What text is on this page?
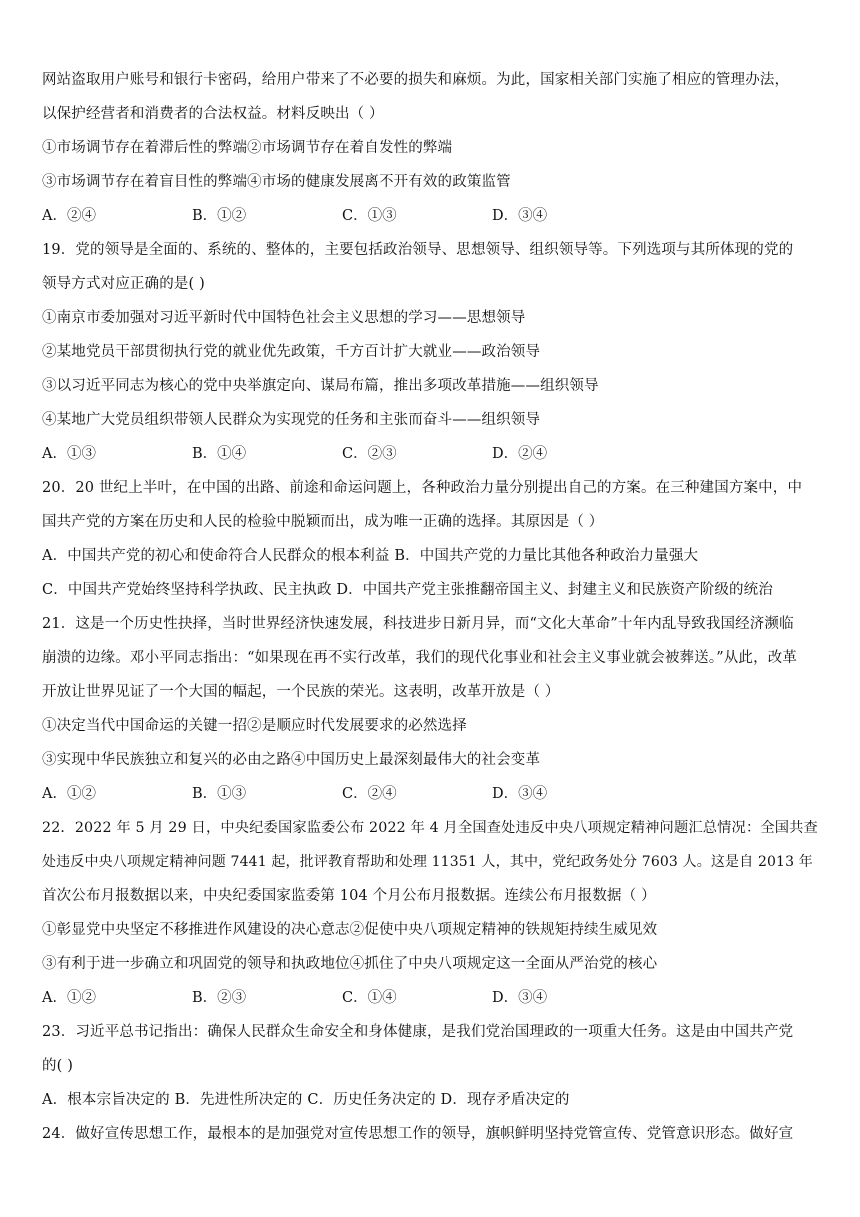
网站盗取用户账号和银行卡密码，给用户带来了不必要的损失和麻烦。为此，国家相关部门实施了相应的管理办法，
以保护经营者和消费者的合法权益。材料反映出（ ）
①市场调节存在着滞后性的弊端②市场调节存在着自发性的弊端
③市场调节存在着盲目性的弊端④市场的健康发展离不开有效的政策监管
A．②④	B．①②	C．①③	D．③④
19．党的领导是全面的、系统的、整体的，主要包括政治领导、思想领导、组织领导等。下列选项与其所体现的党的
领导方式对应正确的是( )
①南京市委加强对习近平新时代中国特色社会主义思想的学习——思想领导
②某地党员干部贯彻执行党的就业优先政策，千方百计扩大就业——政治领导
③以习近平同志为核心的党中央举旗定向、谋局布篇，推出多项改革措施——组织领导
④某地广大党员组织带领人民群众为实现党的任务和主张而奋斗——组织领导
A．①③	B．①④	C．②③	D．②④
20．20 世纪上半叶，在中国的出路、前途和命运问题上，各种政治力量分别提出自己的方案。在三种建国方案中，中
国共产党的方案在历史和人民的检验中脱颖而出，成为唯一正确的选择。其原因是（ ）
A．中国共产党的初心和使命符合人民群众的根本利益 B．中国共产党的力量比其他各种政治力量强大
C．中国共产党始终坚持科学执政、民主执政 D．中国共产党主张推翻帝国主义、封建主义和民族资产阶级的统治
21．这是一个历史性抉择，当时世界经济快速发展，科技进步日新月异，而“文化大革命”十年内乱导致我国经济濒临
崩溃的边缘。邓小平同志指出：“如果现在再不实行改革，我们的现代化事业和社会主义事业就会被葬送。”从此，改革
开放让世界见证了一个大国的幅起，一个民族的荣光。这表明，改革开放是（ ）
①决定当代中国命运的关键一招②是顺应时代发展要求的必然选择
③实现中华民族独立和复兴的必由之路④中国历史上最深刻最伟大的社会变革
A．①②	B．①③	C．②④	D．③④
22．2022 年 5 月 29 日，中央纪委国家监委公布 2022 年 4 月全国查处违反中央八项规定精神问题汇总情况：全国共查
处违反中央八项规定精神问题 7441 起，批评教育帮助和处理 11351 人，其中，党纪政务处分 7603 人。这是自 2013 年
首次公布月报数据以来，中央纪委国家监委第 104 个月公布月报数据。连续公布月报数据（ ）
①彰显党中央坚定不移推进作风建设的决心意志②促使中央八项规定精神的铁规矩持续生威见效
③有利于进一步确立和巩固党的领导和执政地位④抓住了中央八项规定这一全面从严治党的核心
A．①②	B．②③	C．①④	D．③④
23．习近平总书记指出：确保人民群众生命安全和身体健康，是我们党治国理政的一项重大任务。这是由中国共产党
的( )
A．根本宗旨决定的 B．先进性所决定的 C．历史任务决定的 D．现存矛盾决定的
24．做好宣传思想工作，最根本的是加强党对宣传思想工作的领导，旗帜鲜明坚持党管宣传、党管意识形态。做好宣
